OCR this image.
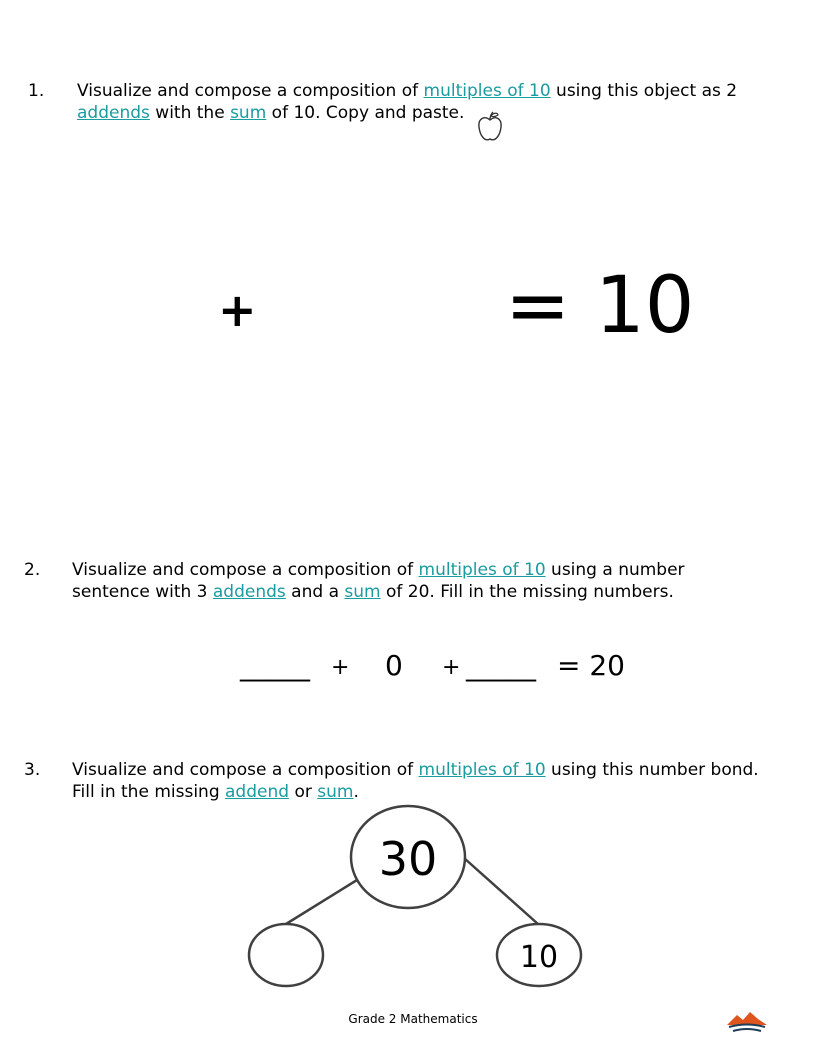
1. Visualize and compose a composition of multiples of 10 using this object as 2
addends with the sum of 10. Copy and paste.
+	= 10
2. Visualize and compose a composition of multiples of 10 using a number
sentence with 3 addends and a sum of 20. Fill in the missing numbers.
_____ + 0 + _____ = 20
3. Visualize and compose a composition of multiples of 10 using this number bond.
Fill in the missing addend or sum.
30
10
Grade 2 Mathematics
